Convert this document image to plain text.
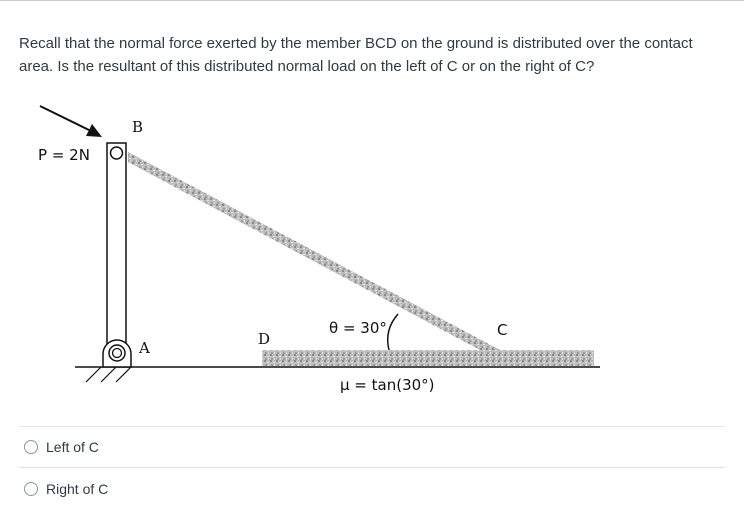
Recall that the normal force exerted by the member BCD on the ground is distributed over the contact area. Is the resultant of this distributed normal load on the left of C or on the right of C?
P = 2N
B
A	D	C
θ = 30°
μ = tan(30°)
Left of C
Right of C
